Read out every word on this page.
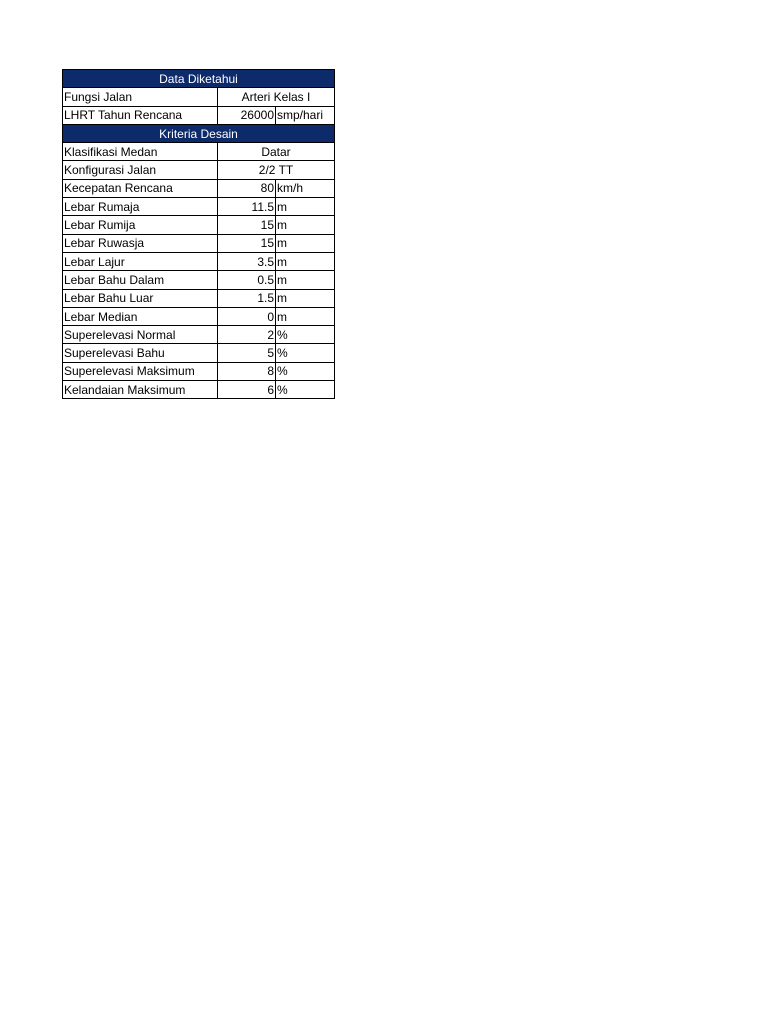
Data Diketahui		
Fungsi Jalan	Arteri Kelas I	
LHRT Tahun Rencana	26000	smp/hari
Kriteria Desain		
Klasifikasi Medan	Datar	
Konfigurasi Jalan	2/2 TT	
Kecepatan Rencana	80	km/h
Lebar Rumaja	11.5	m
Lebar Rumija	15	m
Lebar Ruwasja	15	m
Lebar Lajur	3.5	m
Lebar Bahu Dalam	0.5	m
Lebar Bahu Luar	1.5	m
Lebar Median	0	m
Superelevasi Normal	2	%
Superelevasi Bahu	5	%
Superelevasi Maksimum	8	%
Kelandaian Maksimum	6	%
